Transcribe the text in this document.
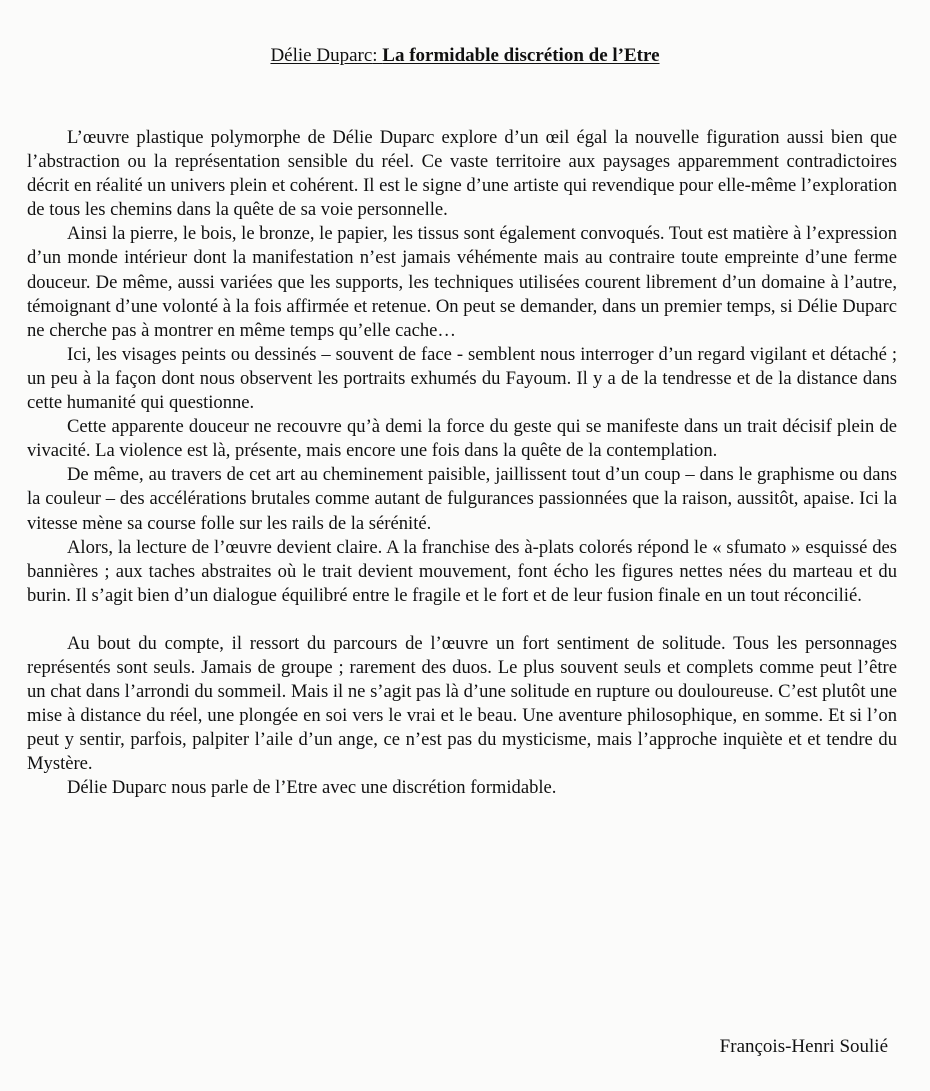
Délie Duparc: La formidable discrétion de l’Etre

L’œuvre plastique polymorphe de Délie Duparc explore d’un œil égal la nouvelle figuration aussi bien que l’abstraction ou la représentation sensible du réel. Ce vaste territoire aux paysages apparemment contradictoires décrit en réalité un univers plein et cohérent. Il est le signe d’une artiste qui revendique pour elle-même l’exploration de tous les chemins dans la quête de sa voie personnelle.

Ainsi la pierre, le bois, le bronze, le papier, les tissus sont également convoqués. Tout est matière à l’expression d’un monde intérieur dont la manifestation n’est jamais véhémente mais au contraire toute empreinte d’une ferme douceur. De même, aussi variées que les supports, les techniques utilisées courent librement d’un domaine à l’autre, témoignant d’une volonté à la fois affirmée et retenue. On peut se demander, dans un premier temps, si Délie Duparc ne cherche pas à montrer en même temps qu’elle cache…

Ici, les visages peints ou dessinés – souvent de face - semblent nous interroger d’un regard vigilant et détaché ; un peu à la façon dont nous observent les portraits exhumés du Fayoum. Il y a de la tendresse et de la distance dans cette humanité qui questionne.

Cette apparente douceur ne recouvre qu’à demi la force du geste qui se manifeste dans un trait décisif plein de vivacité. La violence est là, présente, mais encore une fois dans la quête de la contemplation.

De même, au travers de cet art au cheminement paisible, jaillissent tout d’un coup – dans le graphisme ou dans la couleur – des accélérations brutales comme autant de fulgurances passionnées que la raison, aussitôt, apaise. Ici la vitesse mène sa course folle sur les rails de la sérénité.

Alors, la lecture de l’œuvre devient claire. A la franchise des à-plats colorés répond le « sfumato » esquissé des bannières ; aux taches abstraites où le trait devient mouvement, font écho les figures nettes nées du marteau et du burin. Il s’agit bien d’un dialogue équilibré entre le fragile et le fort et de leur fusion finale en un tout réconcilié.

Au bout du compte, il ressort du parcours de l’œuvre un fort sentiment de solitude. Tous les personnages représentés sont seuls. Jamais de groupe ; rarement des duos. Le plus souvent seuls et complets comme peut l’être un chat dans l’arrondi du sommeil. Mais il ne s’agit pas là d’une solitude en rupture ou douloureuse. C’est plutôt une mise à distance du réel, une plongée en soi vers le vrai et le beau. Une aventure philosophique, en somme. Et si l’on peut y sentir, parfois, palpiter l’aile d’un ange, ce n’est pas du mysticisme, mais l’approche inquiète et et tendre du Mystère.

Délie Duparc nous parle de l’Etre avec une discrétion formidable.

François-Henri Soulié
